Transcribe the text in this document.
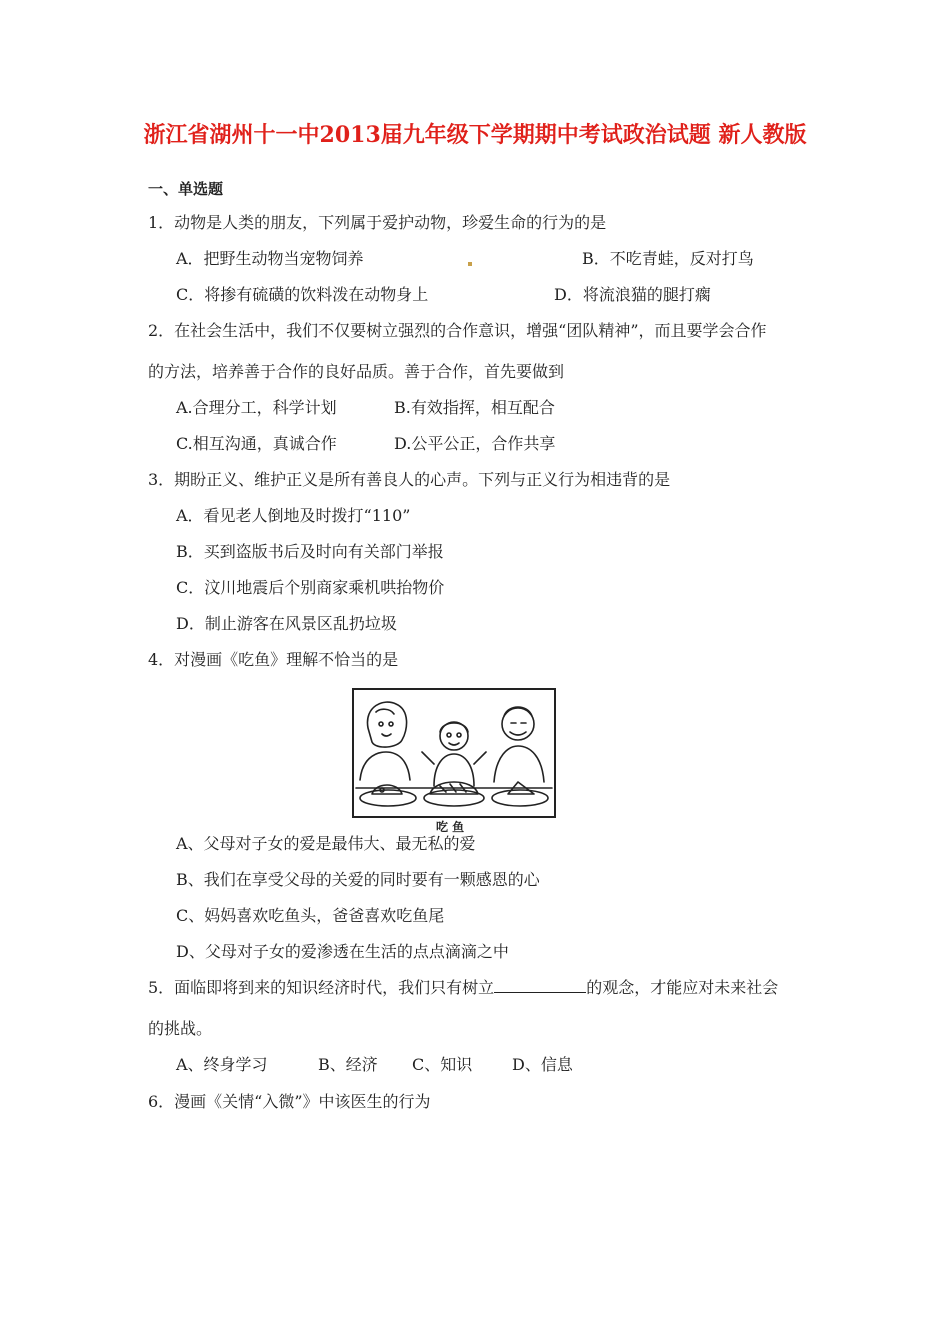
浙江省湖州十一中2013届九年级下学期期中考试政治试题 新人教版
一、单选题
1．动物是人类的朋友，下列属于爱护动物，珍爱生命的行为的是
A．把野生动物当宠物饲养	B．不吃青蛙，反对打鸟
C．将掺有硫磺的饮料泼在动物身上	D．将流浪猫的腿打瘸
2．在社会生活中，我们不仅要树立强烈的合作意识，增强“团队精神”，而且要学会合作
的方法，培养善于合作的良好品质。善于合作，首先要做到
A.合理分工，科学计划	B.有效指挥，相互配合
C.相互沟通，真诚合作	D.公平公正，合作共享
3．期盼正义、维护正义是所有善良人的心声。下列与正义行为相违背的是
A．看见老人倒地及时拨打“110”
B．买到盗版书后及时向有关部门举报
C．汶川地震后个别商家乘机哄抬物价
D．制止游客在风景区乱扔垃圾
4．对漫画《吃鱼》理解不恰当的是
吃 鱼
A、父母对子女的爱是最伟大、最无私的爱
B、我们在享受父母的关爱的同时要有一颗感恩的心
C、妈妈喜欢吃鱼头，爸爸喜欢吃鱼尾
D、父母对子女的爱渗透在生活的点点滴滴之中
5．面临即将到来的知识经济时代，我们只有树立	的观念，才能应对未来社会
的挑战。
A、终身学习	B、经济 C、知识 D、信息
6．漫画《关情“入微”》中该医生的行为
